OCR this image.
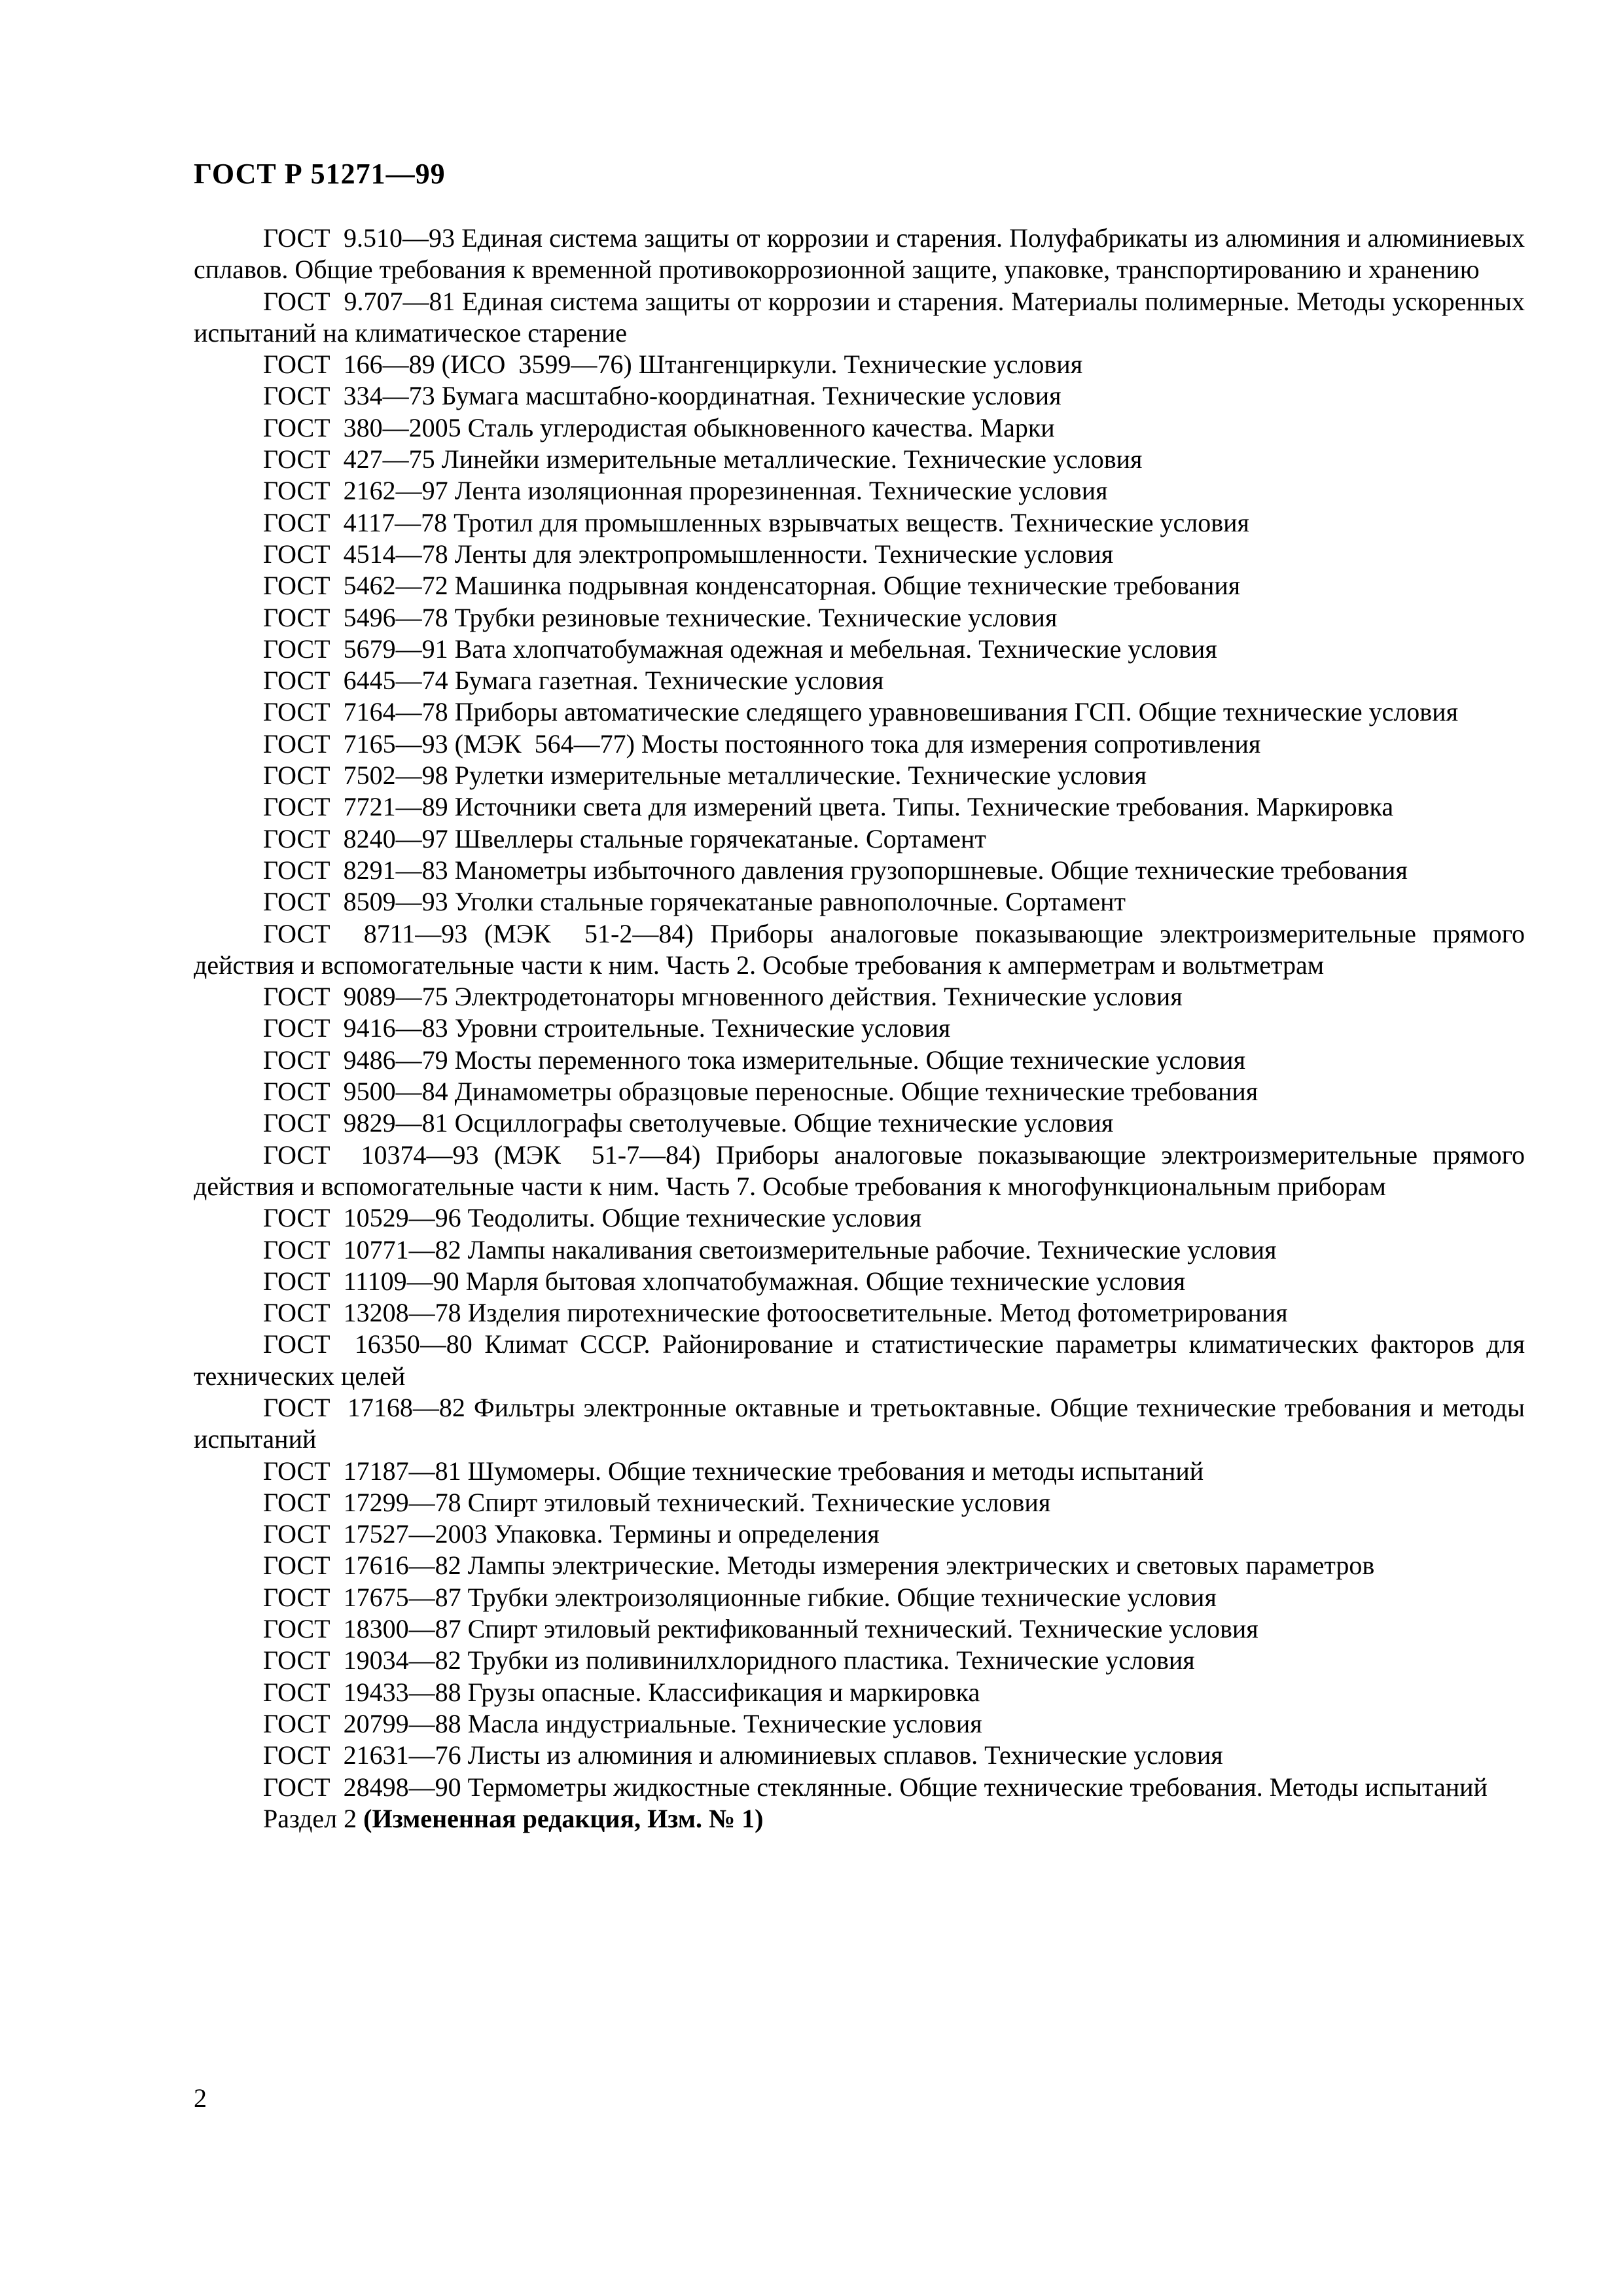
ГОСТ Р 51271—99

ГОСТ  9.510—93 Единая система защиты от коррозии и старения. Полуфабрикаты из алюминия и алюминиевых сплавов. Общие требования к временной противокоррозионной защите, упаковке, транспортированию и хранению

ГОСТ  9.707—81 Единая система защиты от коррозии и старения. Материалы полимерные. Методы ускоренных испытаний на климатическое старение

ГОСТ  166—89 (ИСО  3599—76) Штангенциркули. Технические условия

ГОСТ  334—73 Бумага масштабно-координатная. Технические условия

ГОСТ  380—2005 Сталь углеродистая обыкновенного качества. Марки

ГОСТ  427—75 Линейки измерительные металлические. Технические условия

ГОСТ  2162—97 Лента изоляционная прорезиненная. Технические условия

ГОСТ  4117—78 Тротил для промышленных взрывчатых веществ. Технические условия

ГОСТ  4514—78 Ленты для электропромышленности. Технические условия

ГОСТ  5462—72 Машинка подрывная конденсаторная. Общие технические требования

ГОСТ  5496—78 Трубки резиновые технические. Технические условия

ГОСТ  5679—91 Вата хлопчатобумажная одежная и мебельная. Технические условия

ГОСТ  6445—74 Бумага газетная. Технические условия

ГОСТ  7164—78 Приборы автоматические следящего уравновешивания ГСП. Общие технические условия

ГОСТ  7165—93 (МЭК  564—77) Мосты постоянного тока для измерения сопротивления

ГОСТ  7502—98 Рулетки измерительные металлические. Технические условия

ГОСТ  7721—89 Источники света для измерений цвета. Типы. Технические требования. Маркировка

ГОСТ  8240—97 Швеллеры стальные горячекатаные. Сортамент

ГОСТ  8291—83 Манометры избыточного давления грузопоршневые. Общие технические требования

ГОСТ  8509—93 Уголки стальные горячекатаные равнополочные. Сортамент

ГОСТ  8711—93 (МЭК  51-2—84) Приборы аналоговые показывающие электроизмерительные прямого действия и вспомогательные части к ним. Часть 2. Особые требования к амперметрам и вольтметрам

ГОСТ  9089—75 Электродетонаторы мгновенного действия. Технические условия

ГОСТ  9416—83 Уровни строительные. Технические условия

ГОСТ  9486—79 Мосты переменного тока измерительные. Общие технические условия

ГОСТ  9500—84 Динамометры образцовые переносные. Общие технические требования

ГОСТ  9829—81 Осциллографы светолучевые. Общие технические условия

ГОСТ  10374—93 (МЭК  51-7—84) Приборы аналоговые показывающие электроизмерительные прямого действия и вспомогательные части к ним. Часть 7. Особые требования к многофункциональным приборам

ГОСТ  10529—96 Теодолиты. Общие технические условия

ГОСТ  10771—82 Лампы накаливания светоизмерительные рабочие. Технические условия

ГОСТ  11109—90 Марля бытовая хлопчатобумажная. Общие технические условия

ГОСТ  13208—78 Изделия пиротехнические фотоосветительные. Метод фотометрирования

ГОСТ  16350—80 Климат СССР. Районирование и статистические параметры климатических факторов для технических целей

ГОСТ  17168—82 Фильтры электронные октавные и третьоктавные. Общие технические требования и методы испытаний

ГОСТ  17187—81 Шумомеры. Общие технические требования и методы испытаний

ГОСТ  17299—78 Спирт этиловый технический. Технические условия

ГОСТ  17527—2003 Упаковка. Термины и определения

ГОСТ  17616—82 Лампы электрические. Методы измерения электрических и световых параметров

ГОСТ  17675—87 Трубки электроизоляционные гибкие. Общие технические условия

ГОСТ  18300—87 Спирт этиловый ректификованный технический. Технические условия

ГОСТ  19034—82 Трубки из поливинилхлоридного пластика. Технические условия

ГОСТ  19433—88 Грузы опасные. Классификация и маркировка

ГОСТ  20799—88 Масла индустриальные. Технические условия

ГОСТ  21631—76 Листы из алюминия и алюминиевых сплавов. Технические условия

ГОСТ  28498—90 Термометры жидкостные стеклянные. Общие технические требования. Методы испытаний

Раздел 2 (Измененная редакция, Изм. № 1)

2
